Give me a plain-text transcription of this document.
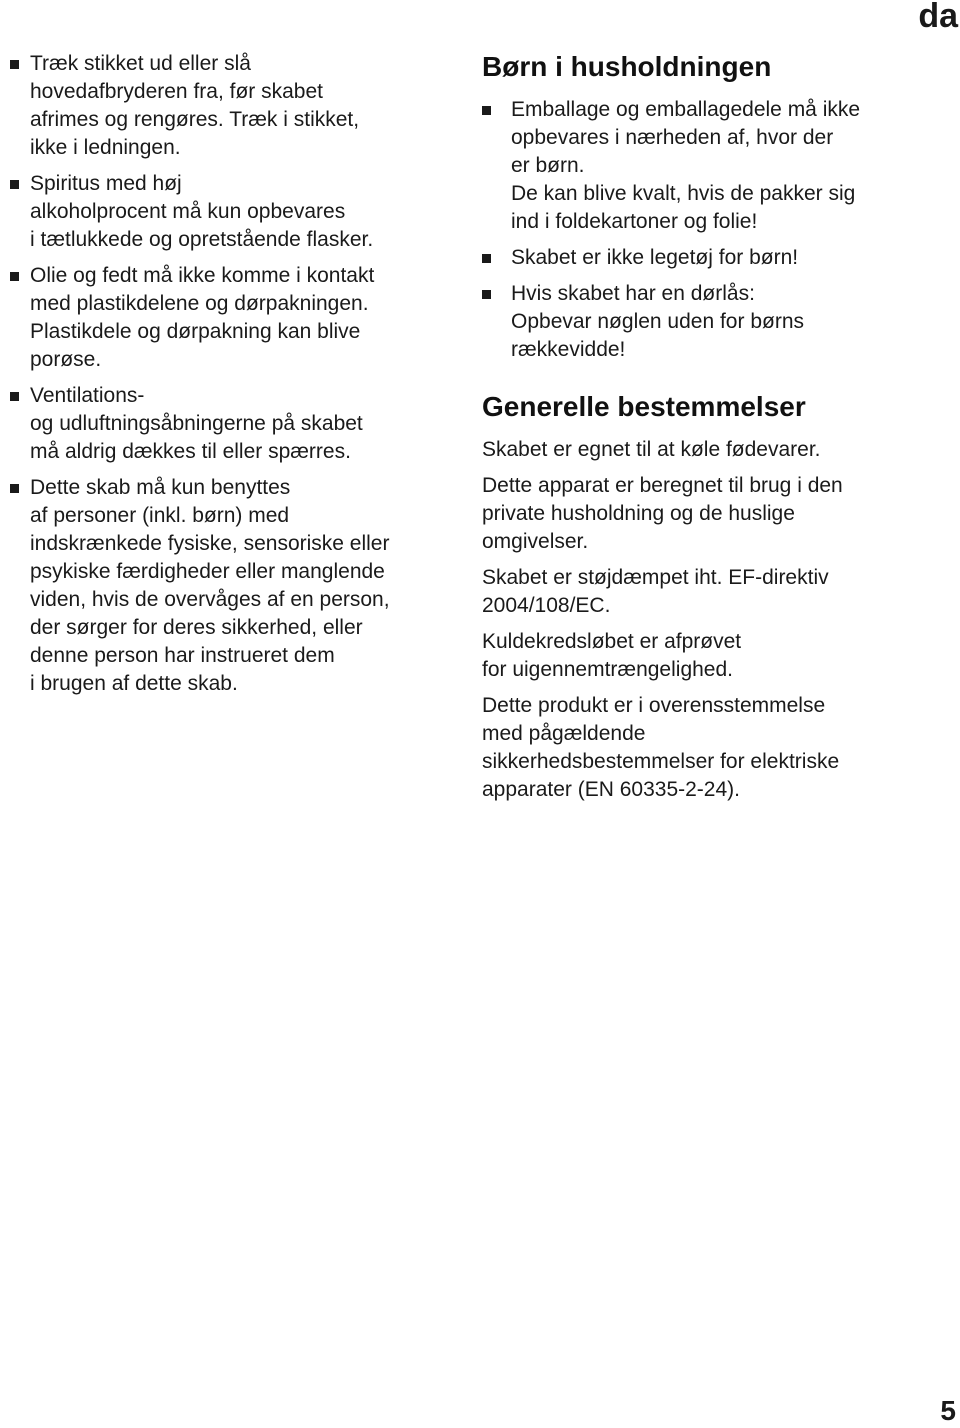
da

Træk stikket ud eller slå
hovedafbryderen fra, før skabet
afrimes og rengøres. Træk i stikket,
ikke i ledningen.

Spiritus med høj
alkoholprocent må kun opbevares
i tætlukkede og opretstående flasker.

Olie og fedt må ikke komme i kontakt
med plastikdelene og dørpakningen.
Plastikdele og dørpakning kan blive
porøse.

Ventilations-
og udluftningsåbningerne på skabet
må aldrig dækkes til eller spærres.

Dette skab må kun benyttes
af personer (inkl. børn) med
indskrænkede fysiske, sensoriske eller
psykiske færdigheder eller manglende
viden, hvis de overvåges af en person,
der sørger for deres sikkerhed, eller
denne person har instrueret dem
i brugen af dette skab.

Børn i husholdningen

Emballage og emballagedele må ikke
opbevares i nærheden af, hvor der
er børn.
De kan blive kvalt, hvis de pakker sig
ind i foldekartoner og folie!

Skabet er ikke legetøj for børn!

Hvis skabet har en dørlås:
Opbevar nøglen uden for børns
rækkevidde!

Generelle bestemmelser

Skabet er egnet til at køle fødevarer.

Dette apparat er beregnet til brug i den
private husholdning og de huslige
omgivelser.

Skabet er støjdæmpet iht. EF-direktiv
2004/108/EC.

Kuldekredsløbet er afprøvet
for uigennemtrængelighed.

Dette produkt er i overensstemmelse
med pågældende
sikkerhedsbestemmelser for elektriske
apparater (EN 60335-2-24).

5
